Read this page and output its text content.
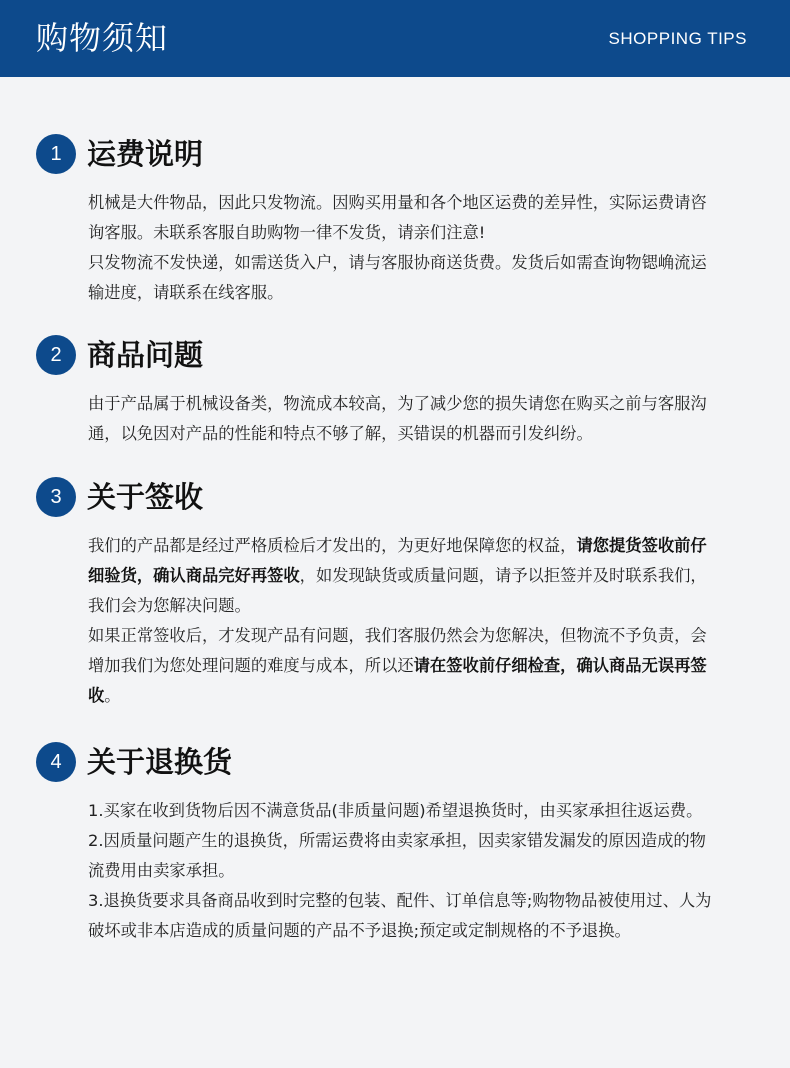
购物须知	SHOPPING TIPS
1 运费说明

机械是大件物品，因此只发物流。因购买用量和各个地区运费的差异性，实际运费请咨询客服。未联系客服自助购物一律不发货，请亲们注意!

只发物流不发快递，如需送货入户，请与客服协商送货费。发货后如需查询物锶崅流运输进度，请联系在线客服。

2 商品问题

由于产品属于机械设备类，物流成本较高，为了减少您的损失请您在购买之前与客服沟通，以免因对产品的性能和特点不够了解，买错误的机器而引发纠纷。

3 关于签收

我们的产品都是经过严格质检后才发出的，为更好地保障您的权益，请您提货签收前仔细验货，确认商品完好再签收，如发现缺货或质量问题，请予以拒签并及时联系我们，我们会为您解决问题。

如果正常签收后，才发现产品有问题，我们客服仍然会为您解决，但物流不予负责，会增加我们为您处理问题的难度与成本，所以还请在签收前仔细检查，确认商品无误再签收。

4 关于退换货

1.买家在收到货物后因不满意货品(非质量问题)希望退换货时，由买家承担往返运费。

2.因质量问题产生的退换货，所需运费将由卖家承担，因卖家错发漏发的原因造成的物流费用由卖家承担。

3.退换货要求具备商品收到时完整的包装、配件、订单信息等;购物物品被使用过、人为破坏或非本店造成的质量问题的产品不予退换;预定或定制规格的不予退换。
